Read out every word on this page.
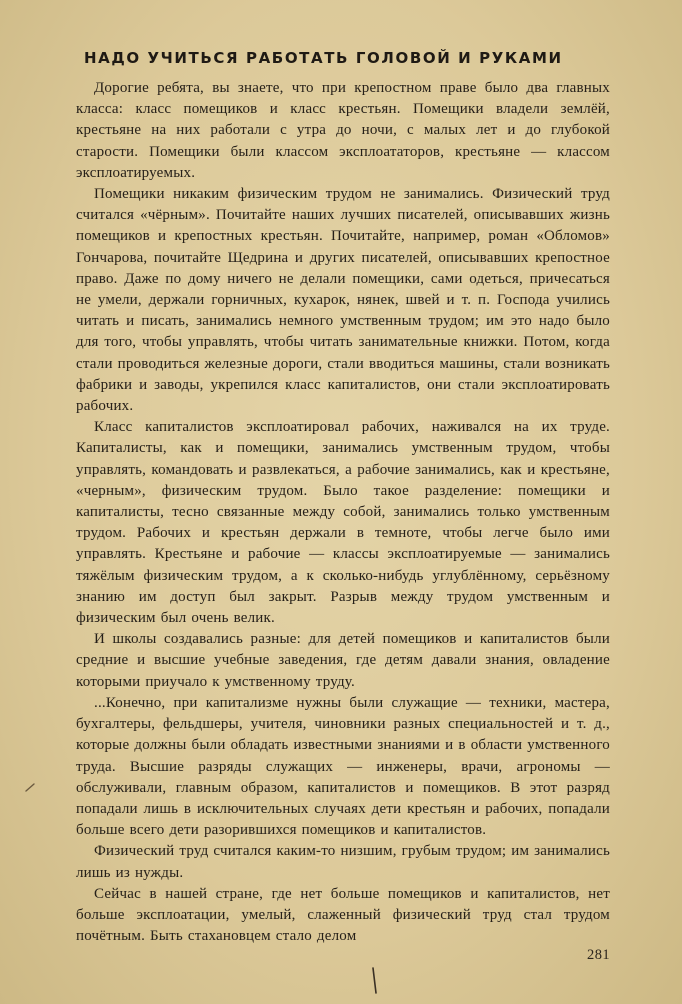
НАДО УЧИТЬСЯ РАБОТАТЬ ГОЛОВОЙ И РУКАМИ

Дорогие ребята, вы знаете, что при крепостном праве было два главных класса: класс помещиков и класс крестьян. Помещики владели землёй, крестьяне на них работали с утра до ночи, с малых лет и до глубокой старости. Помещики были классом эксплоататоров, крестьяне — классом эксплоатируемых.

Помещики никаким физическим трудом не занимались. Физический труд считался «чёрным». Почитайте наших лучших писателей, описывавших жизнь помещиков и крепостных крестьян. Почитайте, например, роман «Обломов» Гончарова, почитайте Щедрина и других писателей, описывавших крепостное право. Даже по дому ничего не делали помещики, сами одеться, причесаться не умели, держали горничных, кухарок, нянек, швей и т. п. Господа учились читать и писать, занимались немного умственным трудом; им это надо было для того, чтобы управлять, чтобы читать занимательные книжки. Потом, когда стали проводиться железные дороги, стали вводиться машины, стали возникать фабрики и заводы, укрепился класс капиталистов, они стали эксплоатировать рабочих.

Класс капиталистов эксплоатировал рабочих, наживался на их труде. Капиталисты, как и помещики, занимались умственным трудом, чтобы управлять, командовать и развлекаться, а рабочие занимались, как и крестьяне, «черным», физическим трудом. Было такое разделение: помещики и капиталисты, тесно связанные между собой, занимались только умственным трудом. Рабочих и крестьян держали в темноте, чтобы легче было ими управлять. Крестьяне и рабочие — классы эксплоатируемые — занимались тяжёлым физическим трудом, а к сколько-нибудь углублённому, серьёзному знанию им доступ был закрыт. Разрыв между трудом умственным и физическим был очень велик.

И школы создавались разные: для детей помещиков и капиталистов были средние и высшие учебные заведения, где детям давали знания, овладение которыми приучало к умственному труду.

...Конечно, при капитализме нужны были служащие — техники, мастера, бухгалтеры, фельдшеры, учителя, чиновники разных специальностей и т. д., которые должны были обладать известными знаниями и в области умственного труда. Высшие разряды служащих — инженеры, врачи, агрономы — обслуживали, главным образом, капиталистов и помещиков. В этот разряд попадали лишь в исключительных случаях дети крестьян и рабочих, попадали больше всего дети разорившихся помещиков и капиталистов.

Физический труд считался каким-то низшим, грубым трудом; им занимались лишь из нужды.

Сейчас в нашей стране, где нет больше помещиков и капиталистов, нет больше эксплоатации, умелый, слаженный физический труд стал трудом почётным. Быть стахановцем стало делом

281
